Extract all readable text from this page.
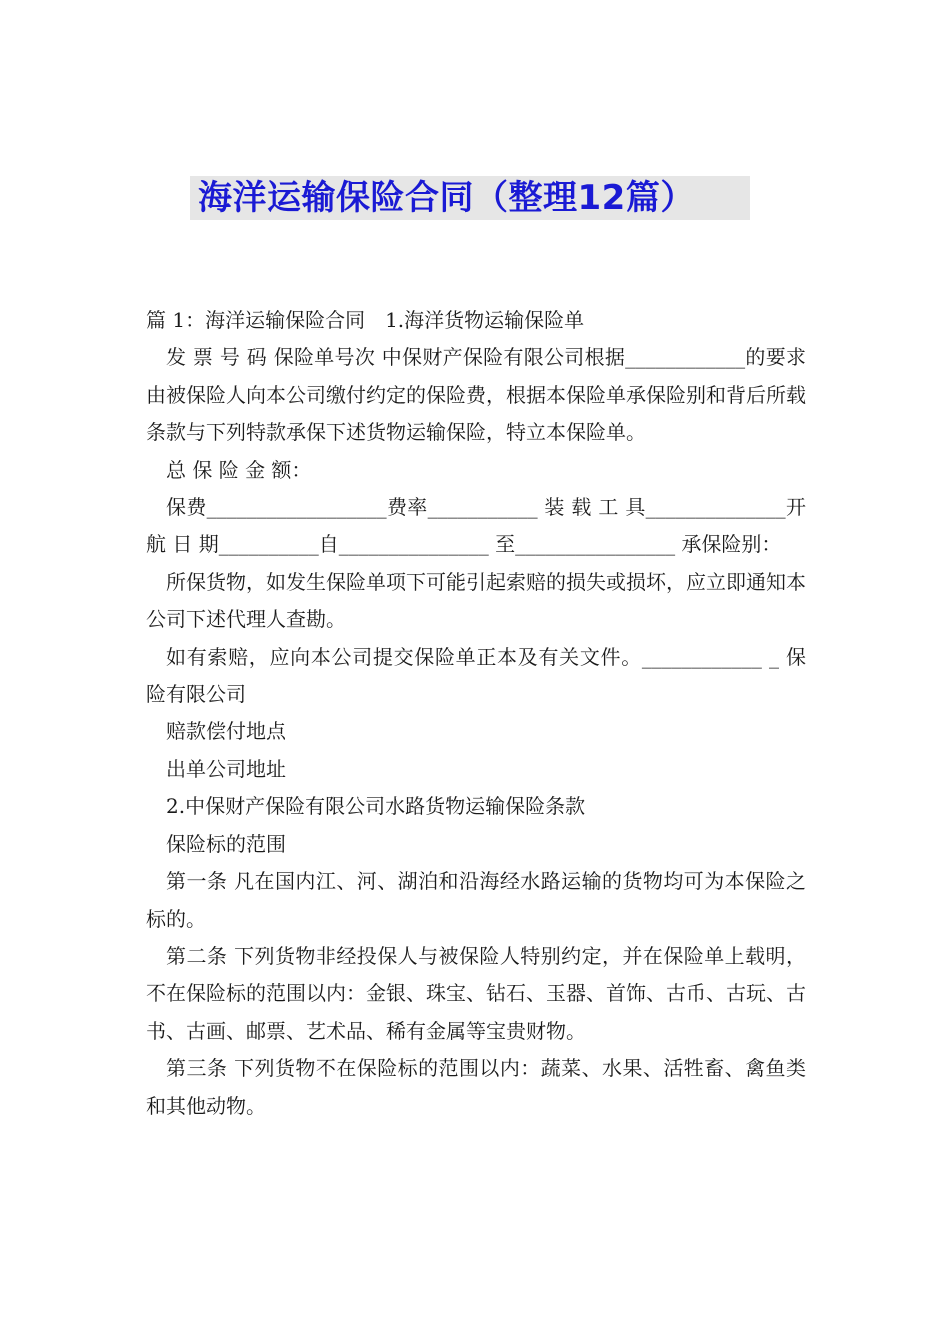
海洋运输保险合同（整理12篇）

篇 1：海洋运输保险合同　1.海洋货物运输保险单

发 票 号 码 保险单号次 中保财产保险有限公司根据____________的要求由被保险人向本公司缴付约定的保险费，根据本保险单承保险别和背后所载条款与下列特款承保下述货物运输保险，特立本保险单。

总 保 险 金 额：

保费__________________费率___________ 装 载 工 具______________开 航 日 期__________自_______________ 至________________ 承保险别：

所保货物，如发生保险单项下可能引起索赔的损失或损坏，应立即通知本公司下述代理人查勘。

如有索赔，应向本公司提交保险单正本及有关文件。____________ _ 保险有限公司

赔款偿付地点

出单公司地址

2.中保财产保险有限公司水路货物运输保险条款

保险标的范围

第一条 凡在国内江、河、湖泊和沿海经水路运输的货物均可为本保险之标的。

第二条 下列货物非经投保人与被保险人特别约定，并在保险单上载明，不在保险标的范围以内：金银、珠宝、钻石、玉器、首饰、古币、古玩、古书、古画、邮票、艺术品、稀有金属等宝贵财物。

第三条 下列货物不在保险标的范围以内：蔬菜、水果、活牲畜、禽鱼类和其他动物。
